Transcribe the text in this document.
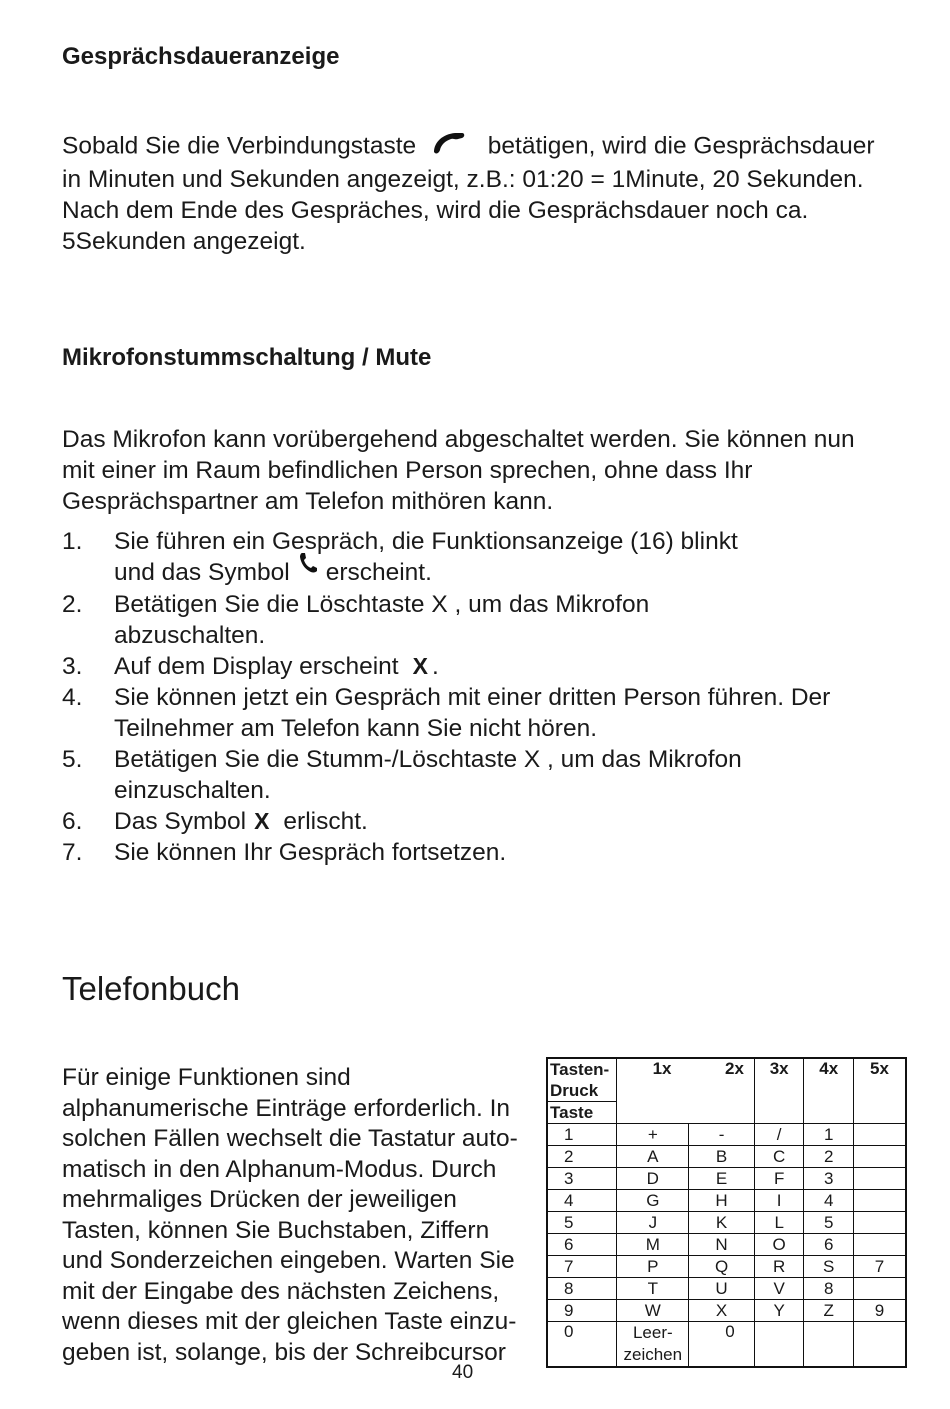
Gesprächsdaueranzeige

Sobald Sie die Verbindungstaste	betätigen, wird die Gesprächsdauer

in Minuten und Sekunden angezeigt, z.B.: 01:20 = 1Minute, 20 Sekunden.

Nach dem Ende des Gespräches, wird die Gesprächsdauer noch ca.

5Sekunden angezeigt.

Mikrofonstummschaltung / Mute

Das Mikrofon kann vorübergehend abgeschaltet werden. Sie können nun

mit einer im Raum befindlichen Person sprechen, ohne dass Ihr

Gesprächspartner am Telefon mithören kann.

1.	Sie führen ein Gespräch, die Funktionsanzeige (16) blinkt
und das Symbol erscheint.
2.	Betätigen Sie die Löschtaste X , um das Mikrofon
abzuschalten.
3.	Auf dem Display erscheint X .
4.	Sie können jetzt ein Gespräch mit einer dritten Person führen. Der
Teilnehmer am Telefon kann Sie nicht hören.
5.	Betätigen Sie die Stumm-/Löschtaste X , um das Mikrofon
einzuschalten.
6.	Das Symbol X erlischt.
7.	Sie können Ihr Gespräch fortsetzen.
Telefonbuch
Für einige Funktionen sind
alphanumerische Einträge erforderlich. In
solchen Fällen wechselt die Tastatur auto-
matisch in den Alphanum-Modus. Durch
mehrmaliges Drücken der jeweiligen
Tasten, können Sie Buchstaben, Ziffern
und Sonderzeichen eingeben. Warten Sie
mit der Eingabe des nächsten Zeichens,
wenn dieses mit der gleichen Taste einzu-
geben ist, solange, bis der Schreibcursor
Tasten-
Druck
Taste	1x	2x	3x	4x	5x
1	+	-	/	1	
2	A	B	C	2	
3	D	E	F	3	
4	G	H	I	4	
5	J	K	L	5	
6	M	N	O	6	
7	P	Q	R	S	7
8	T	U	V	8	
9	W	X	Y	Z	9
0	Leer-
zeichen	0			
40
